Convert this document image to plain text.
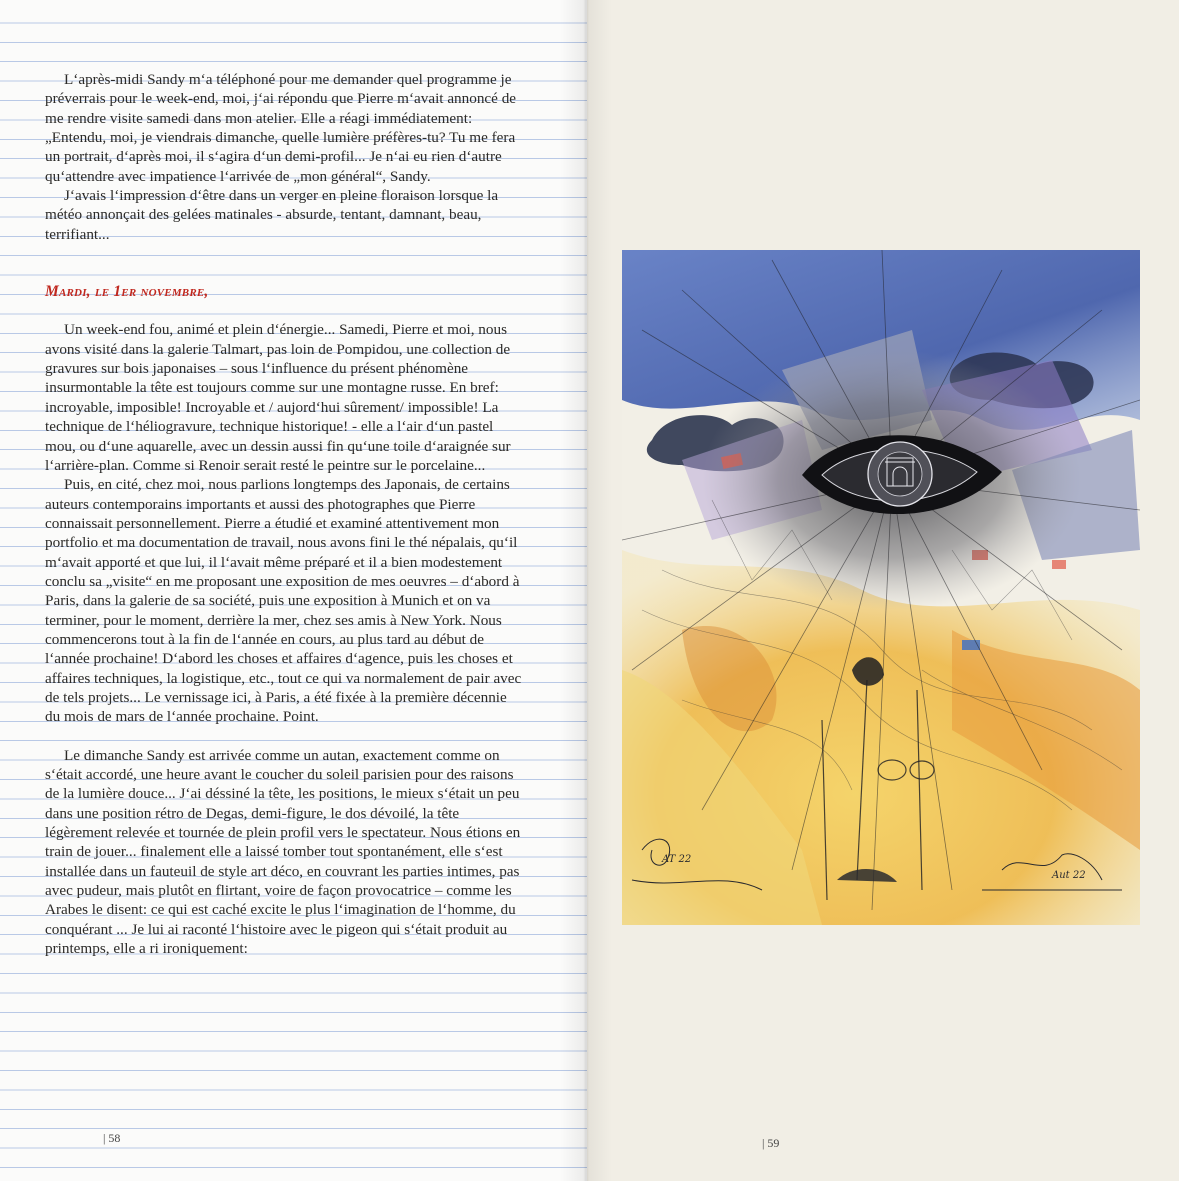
L‘après-midi Sandy m‘a téléphoné pour me demander quel programme je préverrais pour le week-end, moi, j‘ai répondu que Pierre m‘avait annoncé de me rendre visite samedi dans mon atelier. Elle a réagi immédiatement: „Entendu, moi, je viendrais dimanche, quelle lumière préfères-tu? Tu me fera un portrait, d‘après moi, il s‘agira d‘un demi-profil... Je n‘ai eu rien d‘autre qu‘attendre avec impatience l‘arrivée de „mon général“, Sandy.

J‘avais l‘impression d‘être dans un verger en pleine floraison lorsque la météo annonçait des gelées matinales - absurde, tentant, damnant, beau, terrifiant...

Mardi, le 1er novembre,

Un week-end fou, animé et plein d‘énergie... Samedi, Pierre et moi, nous avons visité dans la galerie Talmart, pas loin de Pompidou, une collection de gravures sur bois japonaises – sous l‘influence du présent phénomène insurmontable la tête est toujours comme sur une montagne russe. En bref: incroyable, imposible! Incroyable et / aujord‘hui sûrement/ impossible! La technique de l‘héliogravure, technique historique! - elle a l‘air d‘un pastel mou, ou d‘une aquarelle, avec un dessin aussi fin qu‘une toile d‘araignée sur l‘arrière-plan. Comme si Renoir serait resté le peintre sur le porcelaine...

Puis, en cité, chez moi, nous parlions longtemps des Japonais, de certains auteurs contemporains importants et aussi des photographes que Pierre connaissait personnellement. Pierre a étudié et examiné attentivement mon portfolio et ma documentation de travail, nous avons fini le thé népalais, qu‘il m‘avait apporté et que lui, il l‘avait même préparé et il a bien modestement conclu sa „visite“ en me proposant une exposition de mes oeuvres – d‘abord à Paris, dans la galerie de sa société, puis une exposition à Munich et on va terminer, pour le moment, derrière la mer, chez ses amis à New York. Nous commencerons tout à la fin de l‘année en cours, au plus tard au début de l‘année prochaine! D‘abord les choses et affaires d‘agence, puis les choses et affaires techniques, la logistique, etc., tout ce qui va normalement de pair avec de tels projets... Le vernissage ici, à Paris, a été fixée à la première décennie du mois de mars de l‘année prochaine. Point.

Le dimanche Sandy est arrivée comme un autan, exactement comme on s‘était accordé, une heure avant le coucher du soleil parisien pour des raisons de la lumière douce... J‘ai déssiné la tête, les positions, le mieux s‘était un peu dans une position rétro de Degas, demi-figure, le dos dévoilé, la tête légèrement relevée et tournée de plein profil vers le spectateur. Nous étions en train de jouer... finalement elle a laissé tomber tout spontanément, elle s‘est installée dans un fauteuil de style art déco, en couvrant les parties intimes, pas avec pudeur, mais plutôt en flirtant, voire de façon provocatrice – comme les Arabes le disent: ce qui est caché excite le plus l‘imagination de l‘homme, du conquérant ... Je lui ai raconté l‘histoire avec le pigeon qui s‘était produit au printemps, elle a ri ironiquement:

| 58
AT 22
Aut 22
| 59
